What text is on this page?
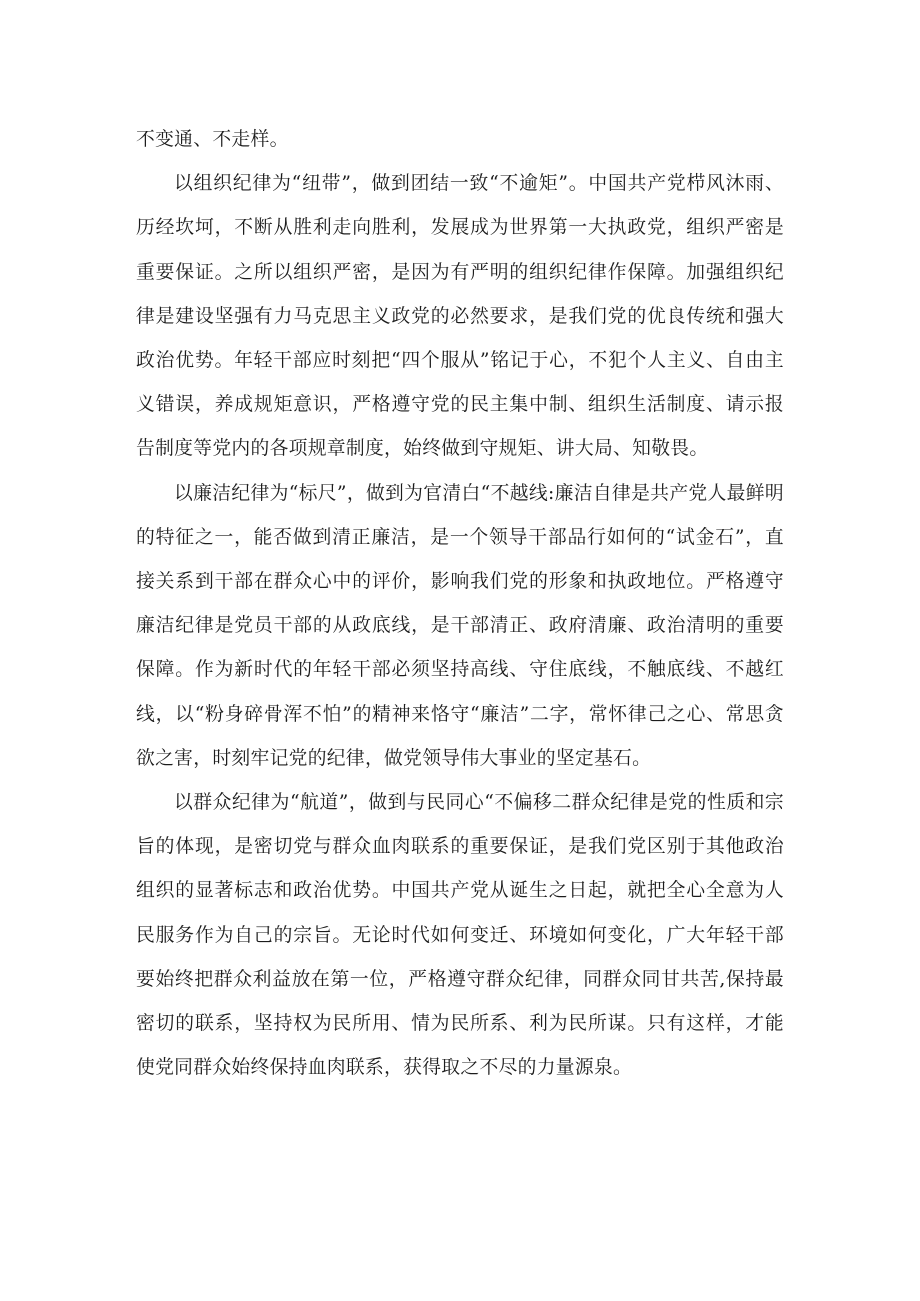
不变通、不走样。

以组织纪律为“纽带”，做到团结一致“不逾矩”。中国共产党栉风沐雨、历经坎坷，不断从胜利走向胜利，发展成为世界第一大执政党，组织严密是重要保证。之所以组织严密，是因为有严明的组织纪律作保障。加强组织纪律是建设坚强有力马克思主义政党的必然要求，是我们党的优良传统和强大政治优势。年轻干部应时刻把“四个服从”铭记于心，不犯个人主义、自由主义错误，养成规矩意识，严格遵守党的民主集中制、组织生活制度、请示报告制度等党内的各项规章制度，始终做到守规矩、讲大局、知敬畏。

以廉洁纪律为“标尺”，做到为官清白“不越线:廉洁自律是共产党人最鲜明的特征之一，能否做到清正廉洁，是一个领导干部品行如何的“试金石”，直接关系到干部在群众心中的评价，影响我们党的形象和执政地位。严格遵守廉洁纪律是党员干部的从政底线，是干部清正、政府清廉、政治清明的重要保障。作为新时代的年轻干部必须坚持高线、守住底线，不触底线、不越红线，以“粉身碎骨浑不怕”的精神来恪守“廉洁”二字，常怀律己之心、常思贪欲之害，时刻牢记党的纪律，做党领导伟大事业的坚定基石。

以群众纪律为“航道”，做到与民同心“不偏移二群众纪律是党的性质和宗旨的体现，是密切党与群众血肉联系的重要保证，是我们党区别于其他政治组织的显著标志和政治优势。中国共产党从诞生之日起，就把全心全意为人民服务作为自己的宗旨。无论时代如何变迁、环境如何变化，广大年轻干部要始终把群众利益放在第一位，严格遵守群众纪律，同群众同甘共苦,保持最密切的联系，坚持权为民所用、情为民所系、利为民所谋。只有这样，才能使党同群众始终保持血肉联系，获得取之不尽的力量源泉。
